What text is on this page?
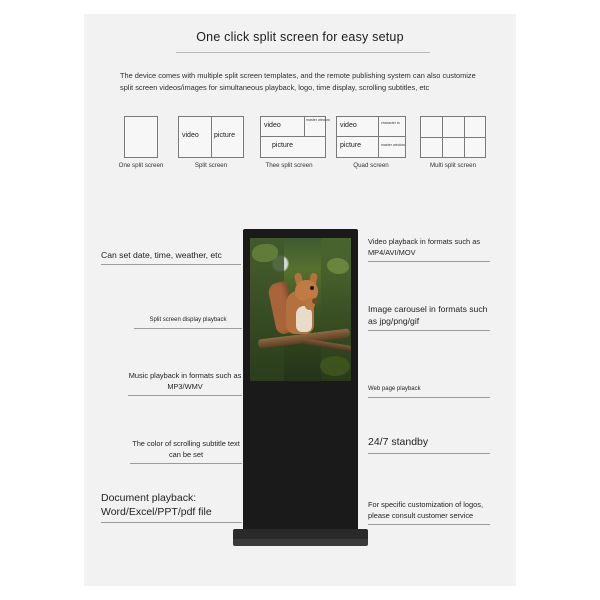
One click split screen for easy setup
The device comes with multiple split screen templates, and the remote publishing system can also customize split screen videos/images for simultaneous playback, logo, time display, scrolling subtitles, etc
One split screen
video picture
Split screen
video
master window
picture
Thee split screen
video	character ts
picture	master window
Quad screen	Multi split screen
Can set date, time, weather, etc
Split screen display playback
Music playback in formats such as MP3/WMV
The color of scrolling subtitle text can be set
Document playback: Word/Excel/PPT/pdf file
Video playback in formats such as MP4/AVI/MOV
Image carousel in formats such as jpg/png/gif
Web page playback
24/7 standby
For specific customization of logos, please consult customer service
